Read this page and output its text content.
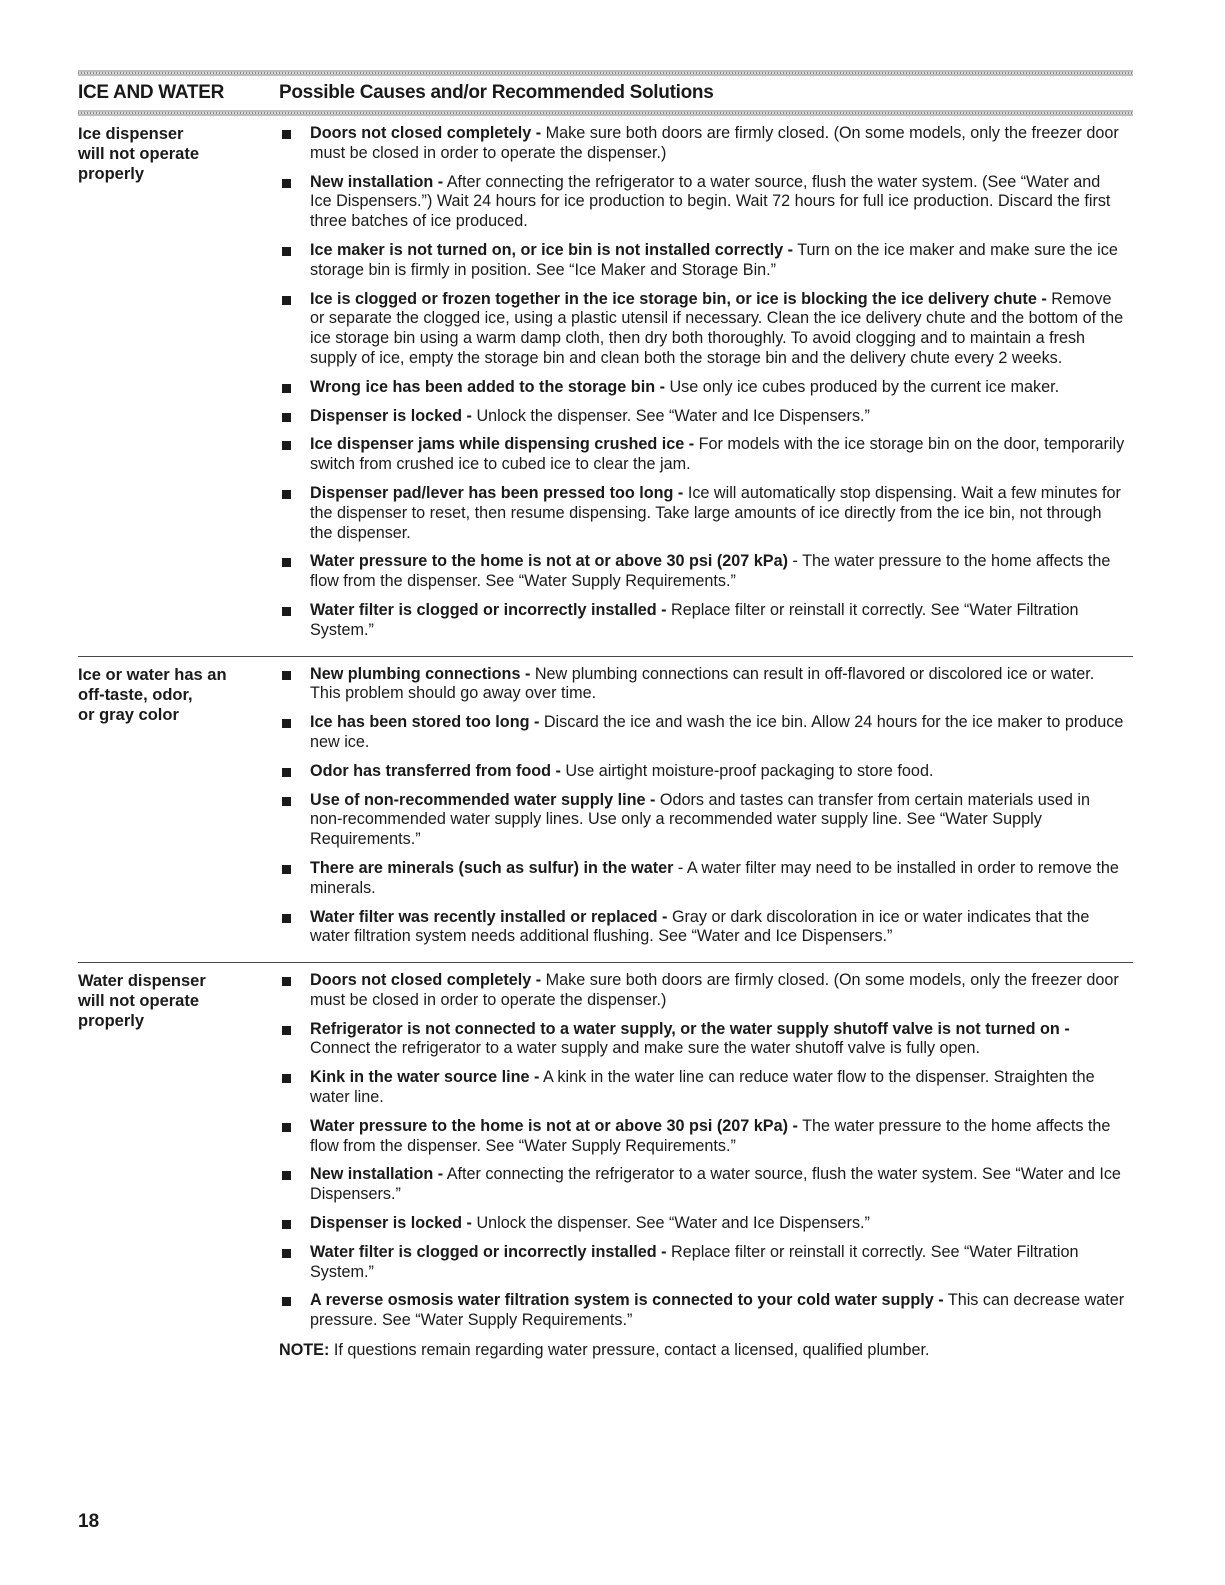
ICE AND WATER	Possible Causes and/or Recommended Solutions
Ice dispenser
will not operate
properly
Doors not closed completely - Make sure both doors are firmly closed. (On some models, only the freezer door must be closed in order to operate the dispenser.)
New installation - After connecting the refrigerator to a water source, flush the water system. (See “Water and Ice Dispensers.”) Wait 24 hours for ice production to begin. Wait 72 hours for full ice production. Discard the first three batches of ice produced.
Ice maker is not turned on, or ice bin is not installed correctly - Turn on the ice maker and make sure the ice storage bin is firmly in position. See “Ice Maker and Storage Bin.”
Ice is clogged or frozen together in the ice storage bin, or ice is blocking the ice delivery chute - Remove or separate the clogged ice, using a plastic utensil if necessary. Clean the ice delivery chute and the bottom of the ice storage bin using a warm damp cloth, then dry both thoroughly. To avoid clogging and to maintain a fresh supply of ice, empty the storage bin and clean both the storage bin and the delivery chute every 2 weeks.
Wrong ice has been added to the storage bin - Use only ice cubes produced by the current ice maker.
Dispenser is locked - Unlock the dispenser. See “Water and Ice Dispensers.”
Ice dispenser jams while dispensing crushed ice - For models with the ice storage bin on the door, temporarily switch from crushed ice to cubed ice to clear the jam.
Dispenser pad/lever has been pressed too long - Ice will automatically stop dispensing. Wait a few minutes for the dispenser to reset, then resume dispensing. Take large amounts of ice directly from the ice bin, not through the dispenser.
Water pressure to the home is not at or above 30 psi (207 kPa) - The water pressure to the home affects the flow from the dispenser. See “Water Supply Requirements.”
Water filter is clogged or incorrectly installed - Replace filter or reinstall it correctly. See “Water Filtration System.”
Ice or water has an
off-taste, odor,
or gray color
New plumbing connections - New plumbing connections can result in off-flavored or discolored ice or water. This problem should go away over time.
Ice has been stored too long - Discard the ice and wash the ice bin. Allow 24 hours for the ice maker to produce new ice.
Odor has transferred from food - Use airtight moisture-proof packaging to store food.
Use of non-recommended water supply line - Odors and tastes can transfer from certain materials used in non-recommended water supply lines. Use only a recommended water supply line. See “Water Supply Requirements.”
There are minerals (such as sulfur) in the water - A water filter may need to be installed in order to remove the minerals.
Water filter was recently installed or replaced - Gray or dark discoloration in ice or water indicates that the water filtration system needs additional flushing. See “Water and Ice Dispensers.”
Water dispenser
will not operate
properly
Doors not closed completely - Make sure both doors are firmly closed. (On some models, only the freezer door must be closed in order to operate the dispenser.)
Refrigerator is not connected to a water supply, or the water supply shutoff valve is not turned on - Connect the refrigerator to a water supply and make sure the water shutoff valve is fully open.
Kink in the water source line - A kink in the water line can reduce water flow to the dispenser. Straighten the water line.
Water pressure to the home is not at or above 30 psi (207 kPa) - The water pressure to the home affects the flow from the dispenser. See “Water Supply Requirements.”
New installation - After connecting the refrigerator to a water source, flush the water system. See “Water and Ice Dispensers.”
Dispenser is locked - Unlock the dispenser. See “Water and Ice Dispensers.”
Water filter is clogged or incorrectly installed - Replace filter or reinstall it correctly. See “Water Filtration System.”
A reverse osmosis water filtration system is connected to your cold water supply - This can decrease water pressure. See “Water Supply Requirements.”
NOTE: If questions remain regarding water pressure, contact a licensed, qualified plumber.
18
